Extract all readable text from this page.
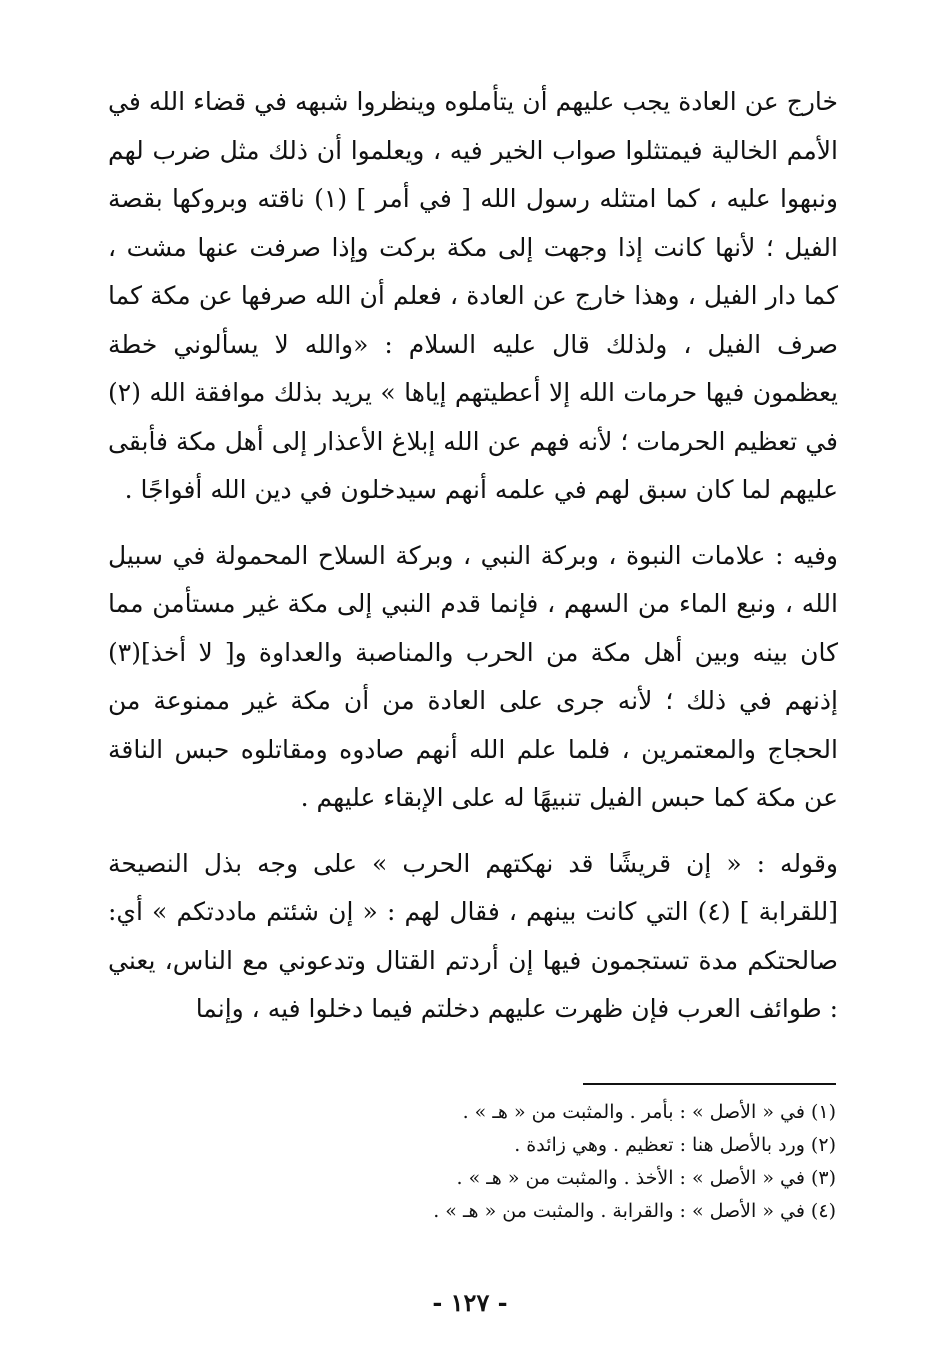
خارج عن العادة يجب عليهم أن يتأملوه وينظروا شبهه في قضاء الله في الأمم الخالية فيمتثلوا صواب الخير فيه ، ويعلموا أن ذلك مثل ضرب لهم ونبهوا عليه ، كما امتثله رسول الله [ في أمر ] (١) ناقته وبروكها بقصة الفيل ؛ لأنها كانت إذا وجهت إلى مكة بركت وإذا صرفت عنها مشت ، كما دار الفيل ، وهذا خارج عن العادة ، فعلم أن الله صرفها عن مكة كما صرف الفيل ، ولذلك قال عليه السلام : «والله لا يسألوني خطة يعظمون فيها حرمات الله إلا أعطيتهم إياها » يريد بذلك موافقة الله (٢) في تعظيم الحرمات ؛ لأنه فهم عن الله إبلاغ الأعذار إلى أهل مكة فأبقى عليهم لما كان سبق لهم في علمه أنهم سيدخلون في دين الله أفواجًا .

وفيه : علامات النبوة ، وبركة النبي ، وبركة السلاح المحمولة في سبيل الله ، ونبع الماء من السهم ، فإنما قدم النبي إلى مكة غير مستأمن مما كان بينه وبين أهل مكة من الحرب والمناصبة والعداوة و[ لا أخذ](٣) إذنهم في ذلك ؛ لأنه جرى على العادة من أن مكة غير ممنوعة من الحجاج والمعتمرين ، فلما علم الله أنهم صادوه ومقاتلوه حبس الناقة عن مكة كما حبس الفيل تنبيهًا له على الإبقاء عليهم .

وقوله : « إن قريشًا قد نهكتهم الحرب » على وجه بذل النصيحة [للقرابة ] (٤) التي كانت بينهم ، فقال لهم : « إن شئتم ماددتكم » أي: صالحتكم مدة تستجمون فيها إن أردتم القتال وتدعوني مع الناس، يعني : طوائف العرب فإن ظهرت عليهم دخلتم فيما دخلوا فيه ، وإنما

(١) في « الأصل » : بأمر . والمثبت من « هـ » .

(٢) ورد بالأصل هنا : تعظيم . وهي زائدة .

(٣) في « الأصل » : الأخذ . والمثبت من « هـ » .

(٤) في « الأصل » : والقرابة . والمثبت من « هـ » .

- ١٢٧ -
